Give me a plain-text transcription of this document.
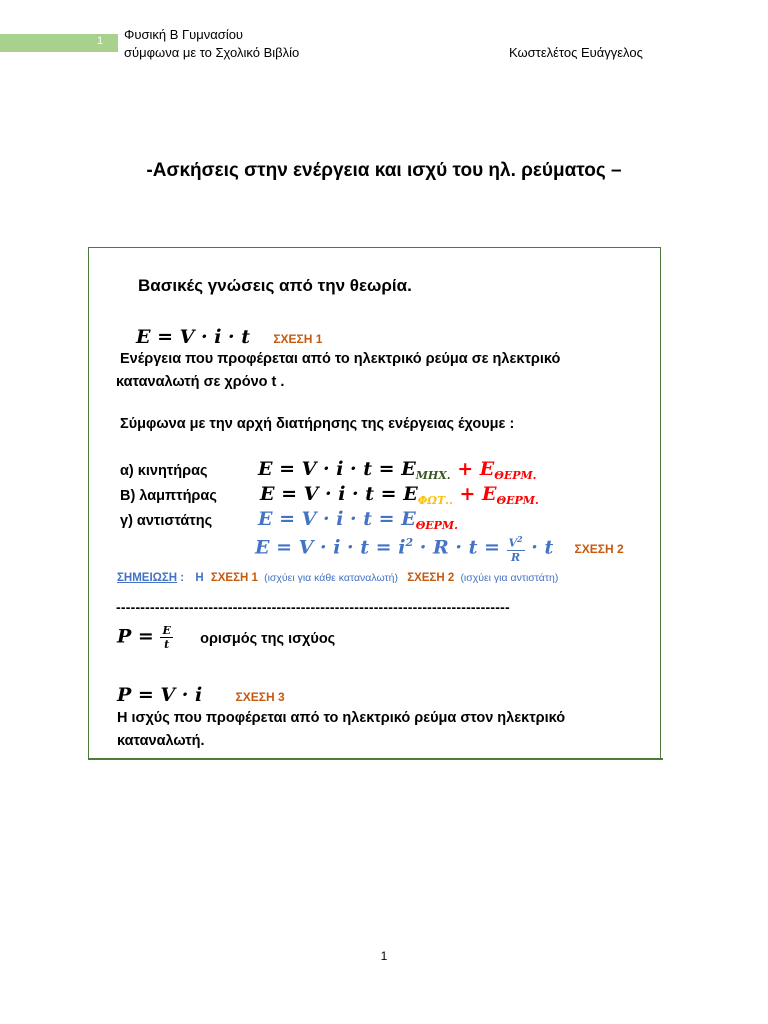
1 Φυσική Β Γυμνασίου
σύμφωνα με το Σχολικό Βιβλίο	Κωστελέτος Ευάγγελος
-Ασκήσεις στην ενέργεια και ισχύ του ηλ. ρεύματος –
Βασικές γνώσεις από την θεωρία.
E = V · i · t ΣΧΕΣΗ 1
Ενέργεια που προφέρεται από το ηλεκτρικό ρεύμα σε ηλεκτρικό
καταναλωτή σε χρόνο t .
Σύμφωνα με την αρχή διατήρησης της ενέργειας έχουμε :
α) κινητήρας	$E = V \cdot i \cdot t = E_{MHX.} + E_{\Theta EPM.}$
Β) λαμπτήρας $E = V \cdot i \cdot t = E_{\Phi\Omega T..} + E_{\Theta EPM.}$
γ) αντιστάτης $E = V \cdot i \cdot t = E_{\Theta EPM.}$
$E = V \cdot i \cdot t = i^2 \cdot R \cdot t = \frac{V^2}{R} \cdot t$ ΣΧΕΣΗ 2
ΣΗΜΕΙΩΣΗ : Η ΣΧΕΣΗ 1 (ισχύει για κάθε καταναλωτή) ΣΧΕΣΗ 2 (ισχύει για αντιστάτη)
---------------------------------------------------------------------------------
$P = \frac{E}{t}$ ορισμός της ισχύος
P = V · i	ΣΧΕΣΗ 3
Η ισχύς που προφέρεται από το ηλεκτρικό ρεύμα στον ηλεκτρικό
καταναλωτή.
1
